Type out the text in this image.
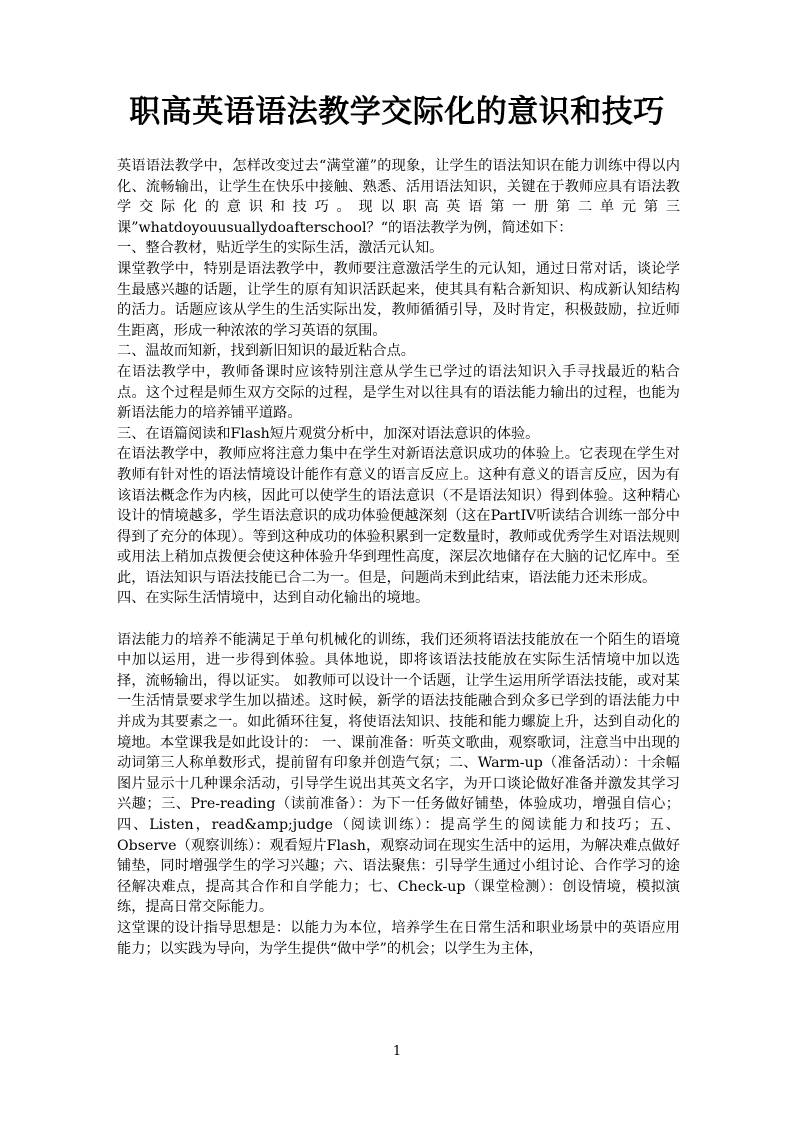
职高英语语法教学交际化的意识和技巧

英语语法教学中，怎样改变过去“满堂灌”的现象，让学生的语法知识在能力训练中得以内化、流畅输出，让学生在快乐中接触、熟悉、活用语法知识，关键在于教师应具有语法教学交际化的意识和技巧。现以职高英语第一册第二单元第三课”whatdoyouusuallydoafterschool？“的语法教学为例，简述如下：

一、整合教材，贴近学生的实际生活，激活元认知。

课堂教学中，特别是语法教学中，教师要注意激活学生的元认知，通过日常对话，谈论学生最感兴趣的话题，让学生的原有知识活跃起来，使其具有粘合新知识、构成新认知结构的活力。话题应该从学生的生活实际出发，教师循循引导，及时肯定，积极鼓励，拉近师生距离，形成一种浓浓的学习英语的氛围。

二、温故而知新，找到新旧知识的最近粘合点。

在语法教学中，教师备课时应该特别注意从学生已学过的语法知识入手寻找最近的粘合点。这个过程是师生双方交际的过程，是学生对以往具有的语法能力输出的过程，也能为新语法能力的培养铺平道路。

三、在语篇阅读和Flash短片观赏分析中，加深对语法意识的体验。

在语法教学中，教师应将注意力集中在学生对新语法意识成功的体验上。它表现在学生对教师有针对性的语法情境设计能作有意义的语言反应上。这种有意义的语言反应，因为有该语法概念作为内核，因此可以使学生的语法意识（不是语法知识）得到体验。这种精心设计的情境越多，学生语法意识的成功体验便越深刻（这在PartIV听读结合训练一部分中得到了充分的体现）。等到这种成功的体验积累到一定数量时，教师或优秀学生对语法规则或用法上稍加点拨便会使这种体验升华到理性高度，深层次地储存在大脑的记忆库中。至此，语法知识与语法技能已合二为一。但是，问题尚未到此结束，语法能力还未形成。

四、在实际生活情境中，达到自动化输出的境地。

语法能力的培养不能满足于单句机械化的训练，我们还须将语法技能放在一个陌生的语境中加以运用，进一步得到体验。具体地说，即将该语法技能放在实际生活情境中加以选择，流畅输出，得以证实。 如教师可以设计一个话题，让学生运用所学语法技能，或对某一生活情景要求学生加以描述。这时候，新学的语法技能融合到众多已学到的语法能力中并成为其要素之一。如此循环往复，将使语法知识、技能和能力螺旋上升，达到自动化的境地。本堂课我是如此设计的： 一、课前准备：听英文歌曲，观察歌词，注意当中出现的动词第三人称单数形式，提前留有印象并创造气氛；二、Warm-up（准备活动）：十余幅图片显示十几种课余活动，引导学生说出其英文名字，为开口谈论做好准备并激发其学习兴趣；三、Pre-reading（读前准备）：为下一任务做好铺垫，体验成功，增强自信心；四、Listen，read&amp;judge（阅读训练）：提高学生的阅读能力和技巧；五、Observe（观察训练）：观看短片Flash，观察动词在现实生活中的运用，为解决难点做好铺垫，同时增强学生的学习兴趣；六、语法聚焦：引导学生通过小组讨论、合作学习的途径解决难点，提高其合作和自学能力；七、Check-up（课堂检测）：创设情境，模拟演练，提高日常交际能力。

这堂课的设计指导思想是：以能力为本位，培养学生在日常生活和职业场景中的英语应用能力；以实践为导向，为学生提供“做中学”的机会；以学生为主体，

1
